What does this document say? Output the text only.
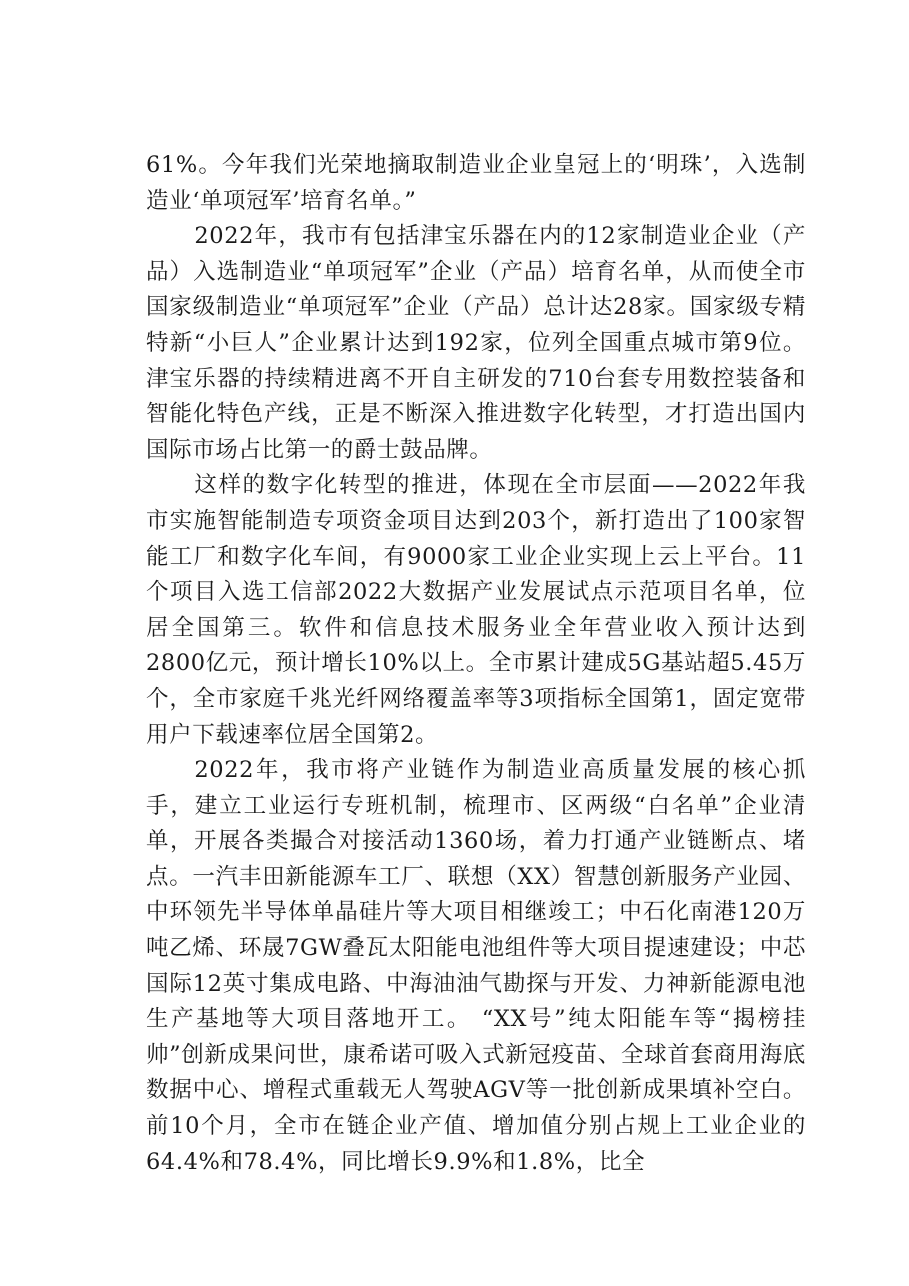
61%。今年我们光荣地摘取制造业企业皇冠上的‘明珠’，入选制造业‘单项冠军’培育名单。”

2022年，我市有包括津宝乐器在内的12家制造业企业（产品）入选制造业“单项冠军”企业（产品）培育名单，从而使全市国家级制造业“单项冠军”企业（产品）总计达28家。国家级专精特新“小巨人”企业累计达到192家，位列全国重点城市第9位。津宝乐器的持续精进离不开自主研发的710台套专用数控装备和智能化特色产线，正是不断深入推进数字化转型，才打造出国内国际市场占比第一的爵士鼓品牌。

这样的数字化转型的推进，体现在全市层面——2022年我市实施智能制造专项资金项目达到203个，新打造出了100家智能工厂和数字化车间，有9000家工业企业实现上云上平台。11个项目入选工信部2022大数据产业发展试点示范项目名单，位居全国第三。软件和信息技术服务业全年营业收入预计达到2800亿元，预计增长10%以上。全市累计建成5G基站超5.45万个，全市家庭千兆光纤网络覆盖率等3项指标全国第1，固定宽带用户下载速率位居全国第2。

2022年，我市将产业链作为制造业高质量发展的核心抓手，建立工业运行专班机制，梳理市、区两级“白名单”企业清单，开展各类撮合对接活动1360场，着力打通产业链断点、堵点。一汽丰田新能源车工厂、联想（XX）智慧创新服务产业园、中环领先半导体单晶硅片等大项目相继竣工；中石化南港120万吨乙烯、环晟7GW叠瓦太阳能电池组件等大项目提速建设；中芯国际12英寸集成电路、中海油油气勘探与开发、力神新能源电池生产基地等大项目落地开工。 “XX号”纯太阳能车等“揭榜挂帅”创新成果问世，康希诺可吸入式新冠疫苗、全球首套商用海底数据中心、增程式重载无人驾驶AGV等一批创新成果填补空白。前10个月，全市在链企业产值、增加值分别占规上工业企业的64.4%和78.4%，同比增长9.9%和1.8%，比全
